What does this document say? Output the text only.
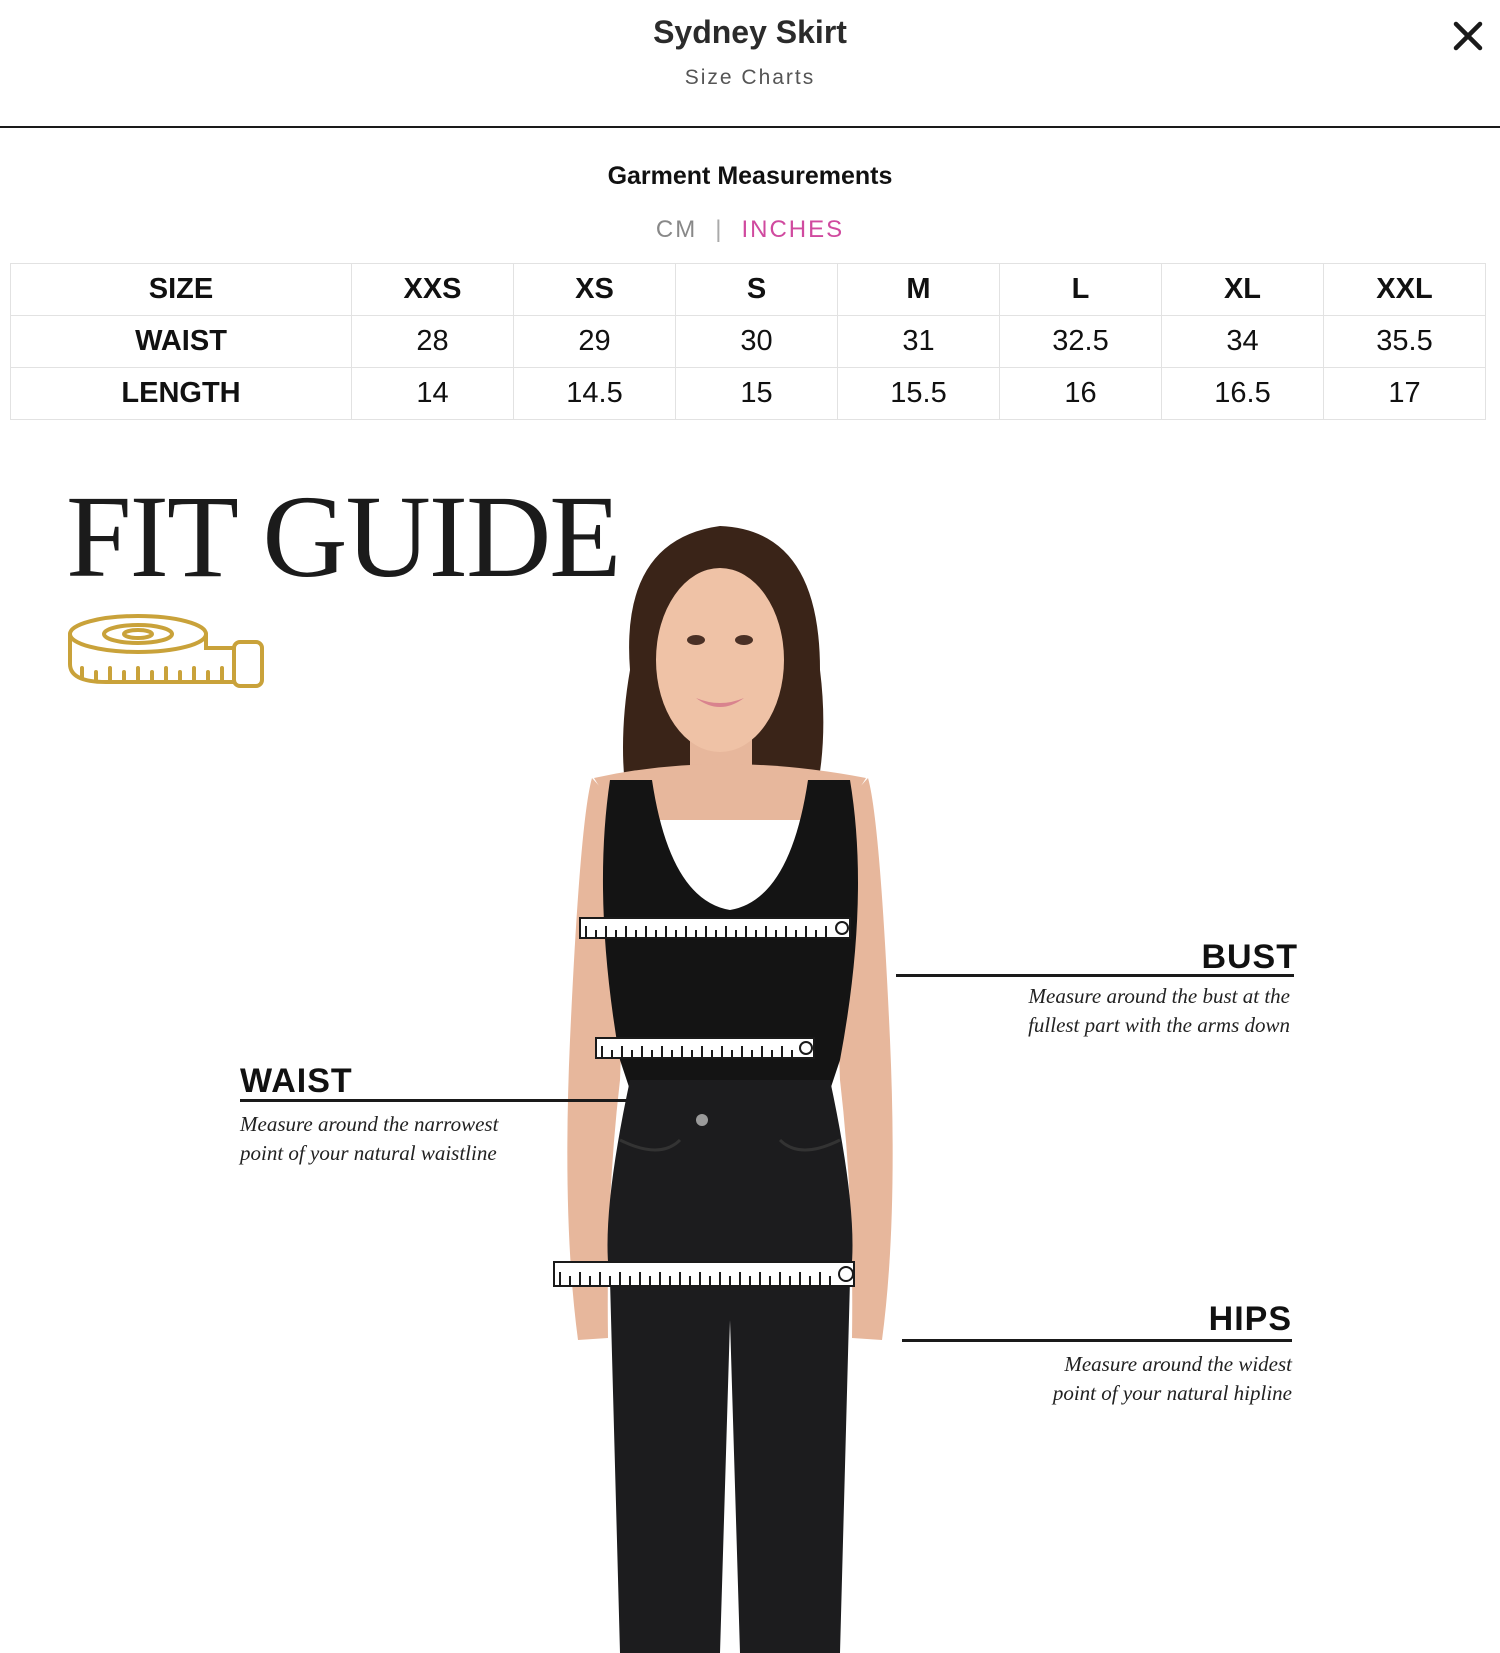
Sydney Skirt
Size Charts
Garment Measurements
CM | INCHES
SIZE	XXS	XS	S	M	L	XL	XXL
WAIST	28	29	30	31	32.5	34	35.5
LENGTH	14	14.5	15	15.5	16	16.5	17
FIT GUIDE
BUST
Measure around the bust at the
fullest part with the arms down
WAIST
Measure around the narrowest
point of your natural waistline
HIPS
Measure around the widest
point of your natural hipline
